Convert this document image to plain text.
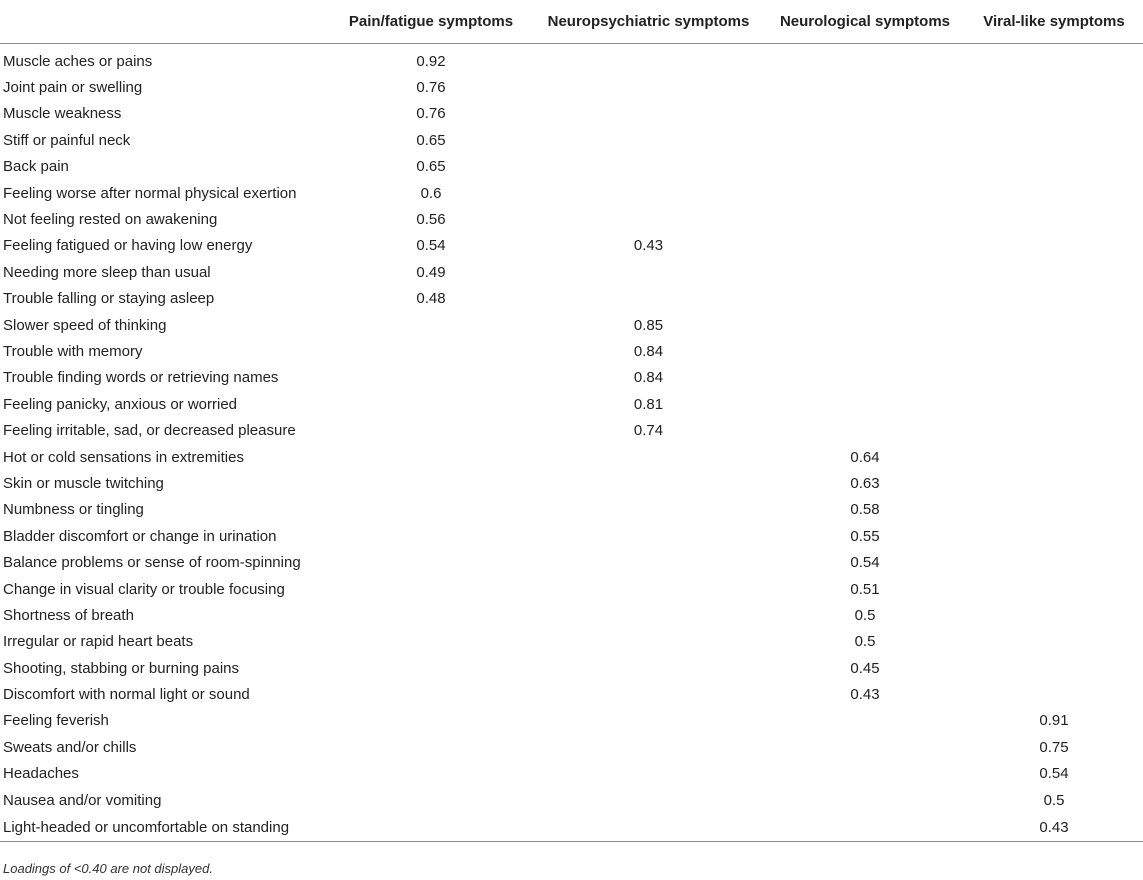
	Pain/fatigue symptoms	Neuropsychiatric symptoms	Neurological symptoms	Viral-like symptoms
Muscle aches or pains	0.92			
Joint pain or swelling	0.76			
Muscle weakness	0.76			
Stiff or painful neck	0.65			
Back pain	0.65			
Feeling worse after normal physical exertion	0.6			
Not feeling rested on awakening	0.56			
Feeling fatigued or having low energy	0.54	0.43		
Needing more sleep than usual	0.49			
Trouble falling or staying asleep	0.48			
Slower speed of thinking		0.85		
Trouble with memory		0.84		
Trouble finding words or retrieving names		0.84		
Feeling panicky, anxious or worried		0.81		
Feeling irritable, sad, or decreased pleasure		0.74		
Hot or cold sensations in extremities			0.64	
Skin or muscle twitching			0.63	
Numbness or tingling			0.58	
Bladder discomfort or change in urination			0.55	
Balance problems or sense of room-spinning			0.54	
Change in visual clarity or trouble focusing			0.51	
Shortness of breath			0.5	
Irregular or rapid heart beats			0.5	
Shooting, stabbing or burning pains			0.45	
Discomfort with normal light or sound			0.43	
Feeling feverish				0.91
Sweats and/or chills				0.75
Headaches				0.54
Nausea and/or vomiting				0.5
Light-headed or uncomfortable on standing				0.43
Loadings of <0.40 are not displayed.
